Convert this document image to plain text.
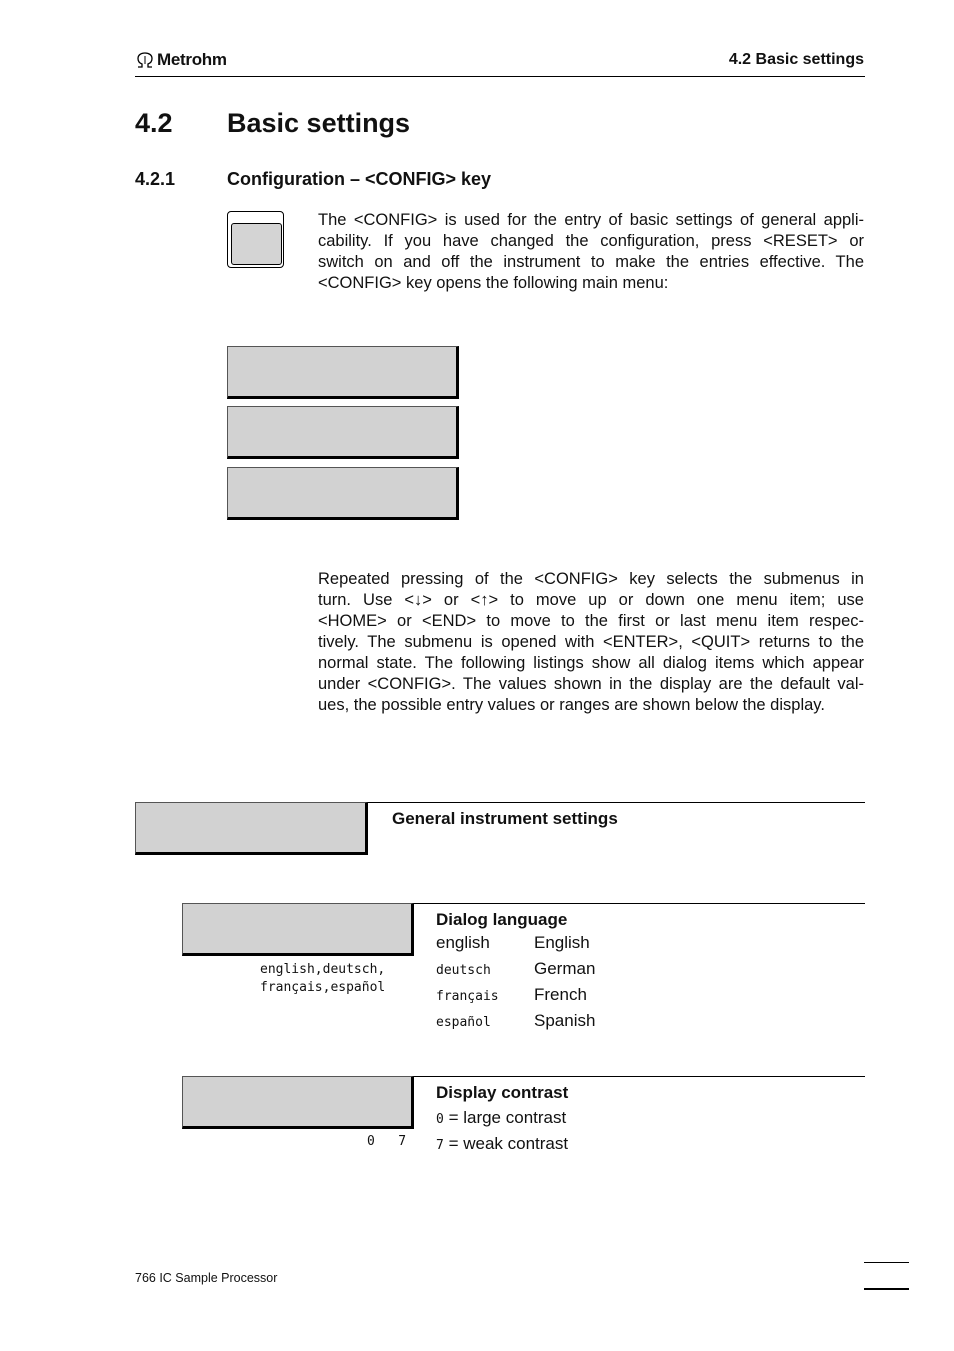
Metrohm	4.2 Basic settings
4.2 Basic settings
4.2.1	Configuration – <CONFIG> key
The <CONFIG> is used for the entry of basic settings of general appli-
cability. If you have changed the configuration, press <RESET> or
switch on and off the instrument to make the entries effective. The
<CONFIG> key opens the following main menu:
Repeated pressing of the <CONFIG> key selects the submenus in
turn. Use <↓> or <↑> to move up or down one menu item; use
<HOME> or <END> to move to the first or last menu item respec-
tively. The submenu is opened with <ENTER>, <QUIT> returns to the
normal state. The following listings show all dialog items which appear
under <CONFIG>. The values shown in the display are the default val-
ues, the possible entry values or ranges are shown below the display.
General instrument settings
Dialog language
english,deutsch,
français,español
english	English
deutsch	German
français	French
español	Spanish
Display contrast
0   7
0 = large contrast
7 = weak contrast
766 IC Sample Processor
